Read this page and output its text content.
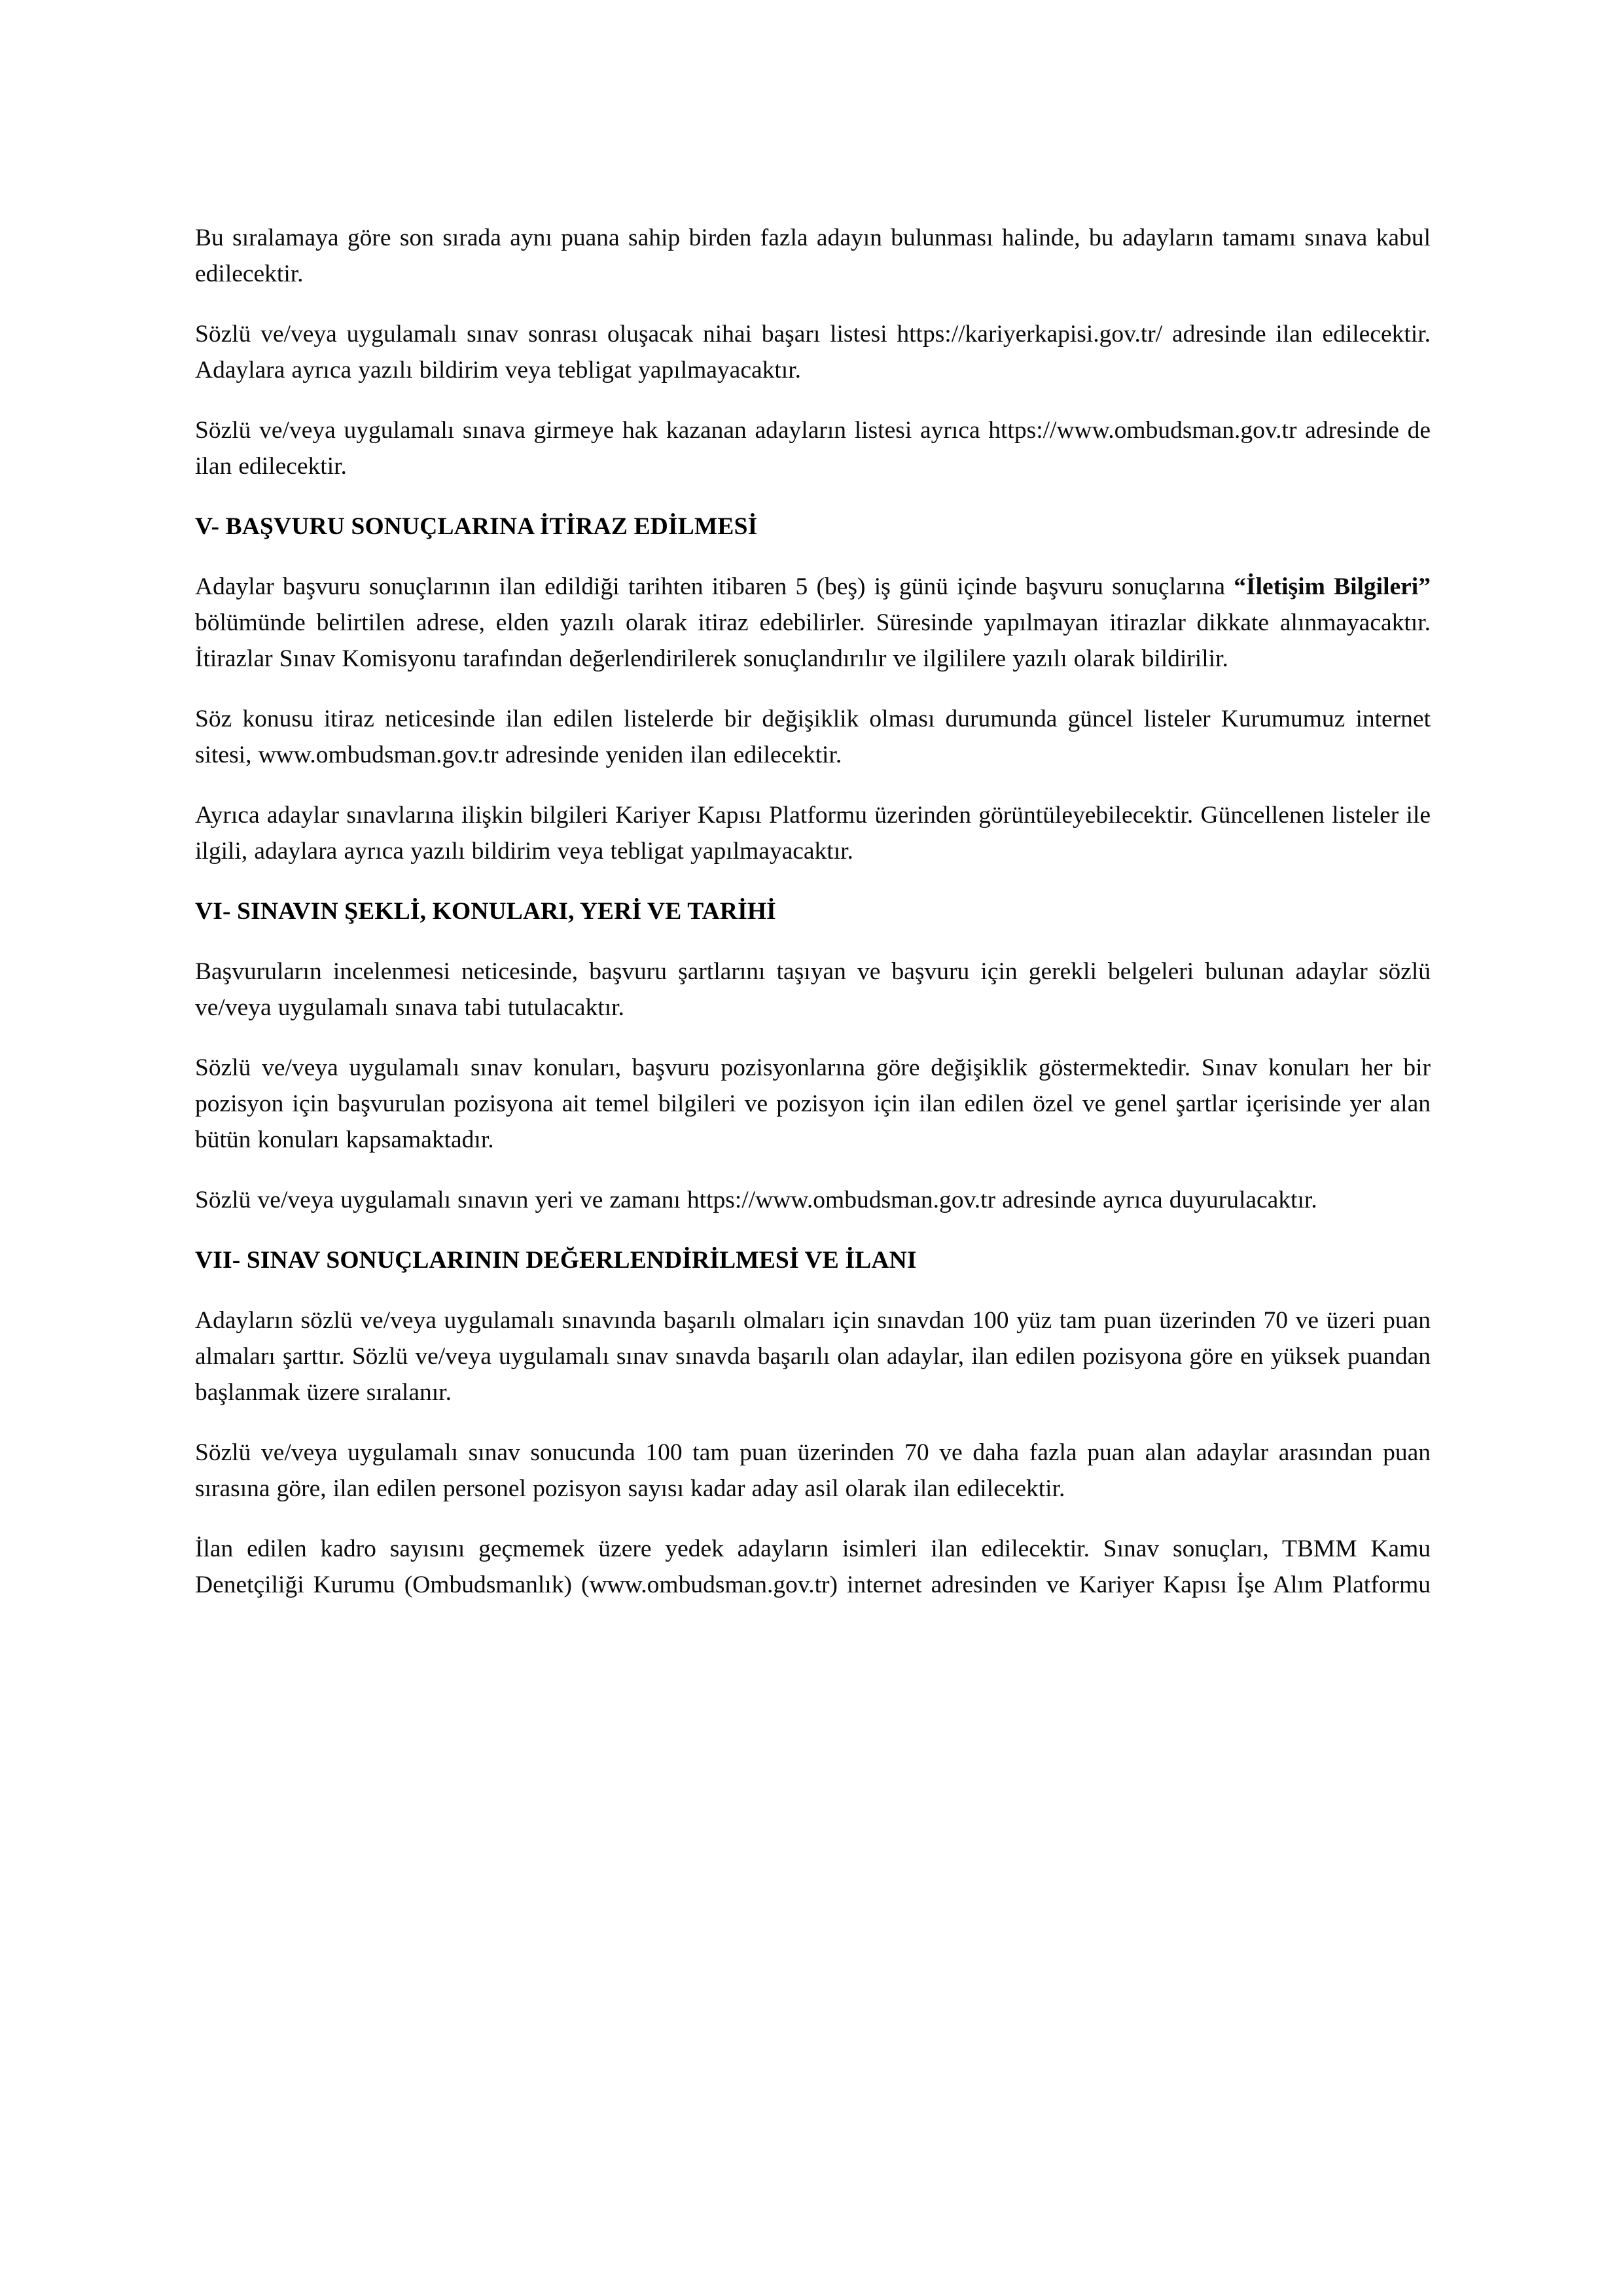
Bu sıralamaya göre son sırada aynı puana sahip birden fazla adayın bulunması halinde, bu adayların tamamı sınava kabul edilecektir.

Sözlü ve/veya uygulamalı sınav sonrası oluşacak nihai başarı listesi https://kariyerkapisi.gov.tr/ adresinde ilan edilecektir. Adaylara ayrıca yazılı bildirim veya tebligat yapılmayacaktır.

Sözlü ve/veya uygulamalı sınava girmeye hak kazanan adayların listesi ayrıca https://www.ombudsman.gov.tr adresinde de ilan edilecektir.

V- BAŞVURU SONUÇLARINA İTİRAZ EDİLMESİ

Adaylar başvuru sonuçlarının ilan edildiği tarihten itibaren 5 (beş) iş günü içinde başvuru sonuçlarına “İletişim Bilgileri” bölümünde belirtilen adrese, elden yazılı olarak itiraz edebilirler. Süresinde yapılmayan itirazlar dikkate alınmayacaktır. İtirazlar Sınav Komisyonu tarafından değerlendirilerek sonuçlandırılır ve ilgililere yazılı olarak bildirilir.

Söz konusu itiraz neticesinde ilan edilen listelerde bir değişiklik olması durumunda güncel listeler Kurumumuz internet sitesi, www.ombudsman.gov.tr adresinde yeniden ilan edilecektir.

Ayrıca adaylar sınavlarına ilişkin bilgileri Kariyer Kapısı Platformu üzerinden görüntüleyebilecektir. Güncellenen listeler ile ilgili, adaylara ayrıca yazılı bildirim veya tebligat yapılmayacaktır.

VI- SINAVIN ŞEKLİ, KONULARI, YERİ VE TARİHİ

Başvuruların incelenmesi neticesinde, başvuru şartlarını taşıyan ve başvuru için gerekli belgeleri bulunan adaylar sözlü ve/veya uygulamalı sınava tabi tutulacaktır.

Sözlü ve/veya uygulamalı sınav konuları, başvuru pozisyonlarına göre değişiklik göstermektedir. Sınav konuları her bir pozisyon için başvurulan pozisyona ait temel bilgileri ve pozisyon için ilan edilen özel ve genel şartlar içerisinde yer alan bütün konuları kapsamaktadır.

Sözlü ve/veya uygulamalı sınavın yeri ve zamanı https://www.ombudsman.gov.tr adresinde ayrıca duyurulacaktır.

VII- SINAV SONUÇLARININ DEĞERLENDİRİLMESİ VE İLANI

Adayların sözlü ve/veya uygulamalı sınavında başarılı olmaları için sınavdan 100 yüz tam puan üzerinden 70 ve üzeri puan almaları şarttır. Sözlü ve/veya uygulamalı sınav sınavda başarılı olan adaylar, ilan edilen pozisyona göre en yüksek puandan başlanmak üzere sıralanır.

Sözlü ve/veya uygulamalı sınav sonucunda 100 tam puan üzerinden 70 ve daha fazla puan alan adaylar arasından puan sırasına göre, ilan edilen personel pozisyon sayısı kadar aday asil olarak ilan edilecektir.

İlan edilen kadro sayısını geçmemek üzere yedek adayların isimleri ilan edilecektir. Sınav sonuçları, TBMM Kamu Denetçiliği Kurumu (Ombudsmanlık) (www.ombudsman.gov.tr) internet adresinden ve Kariyer Kapısı İşe Alım Platformu
